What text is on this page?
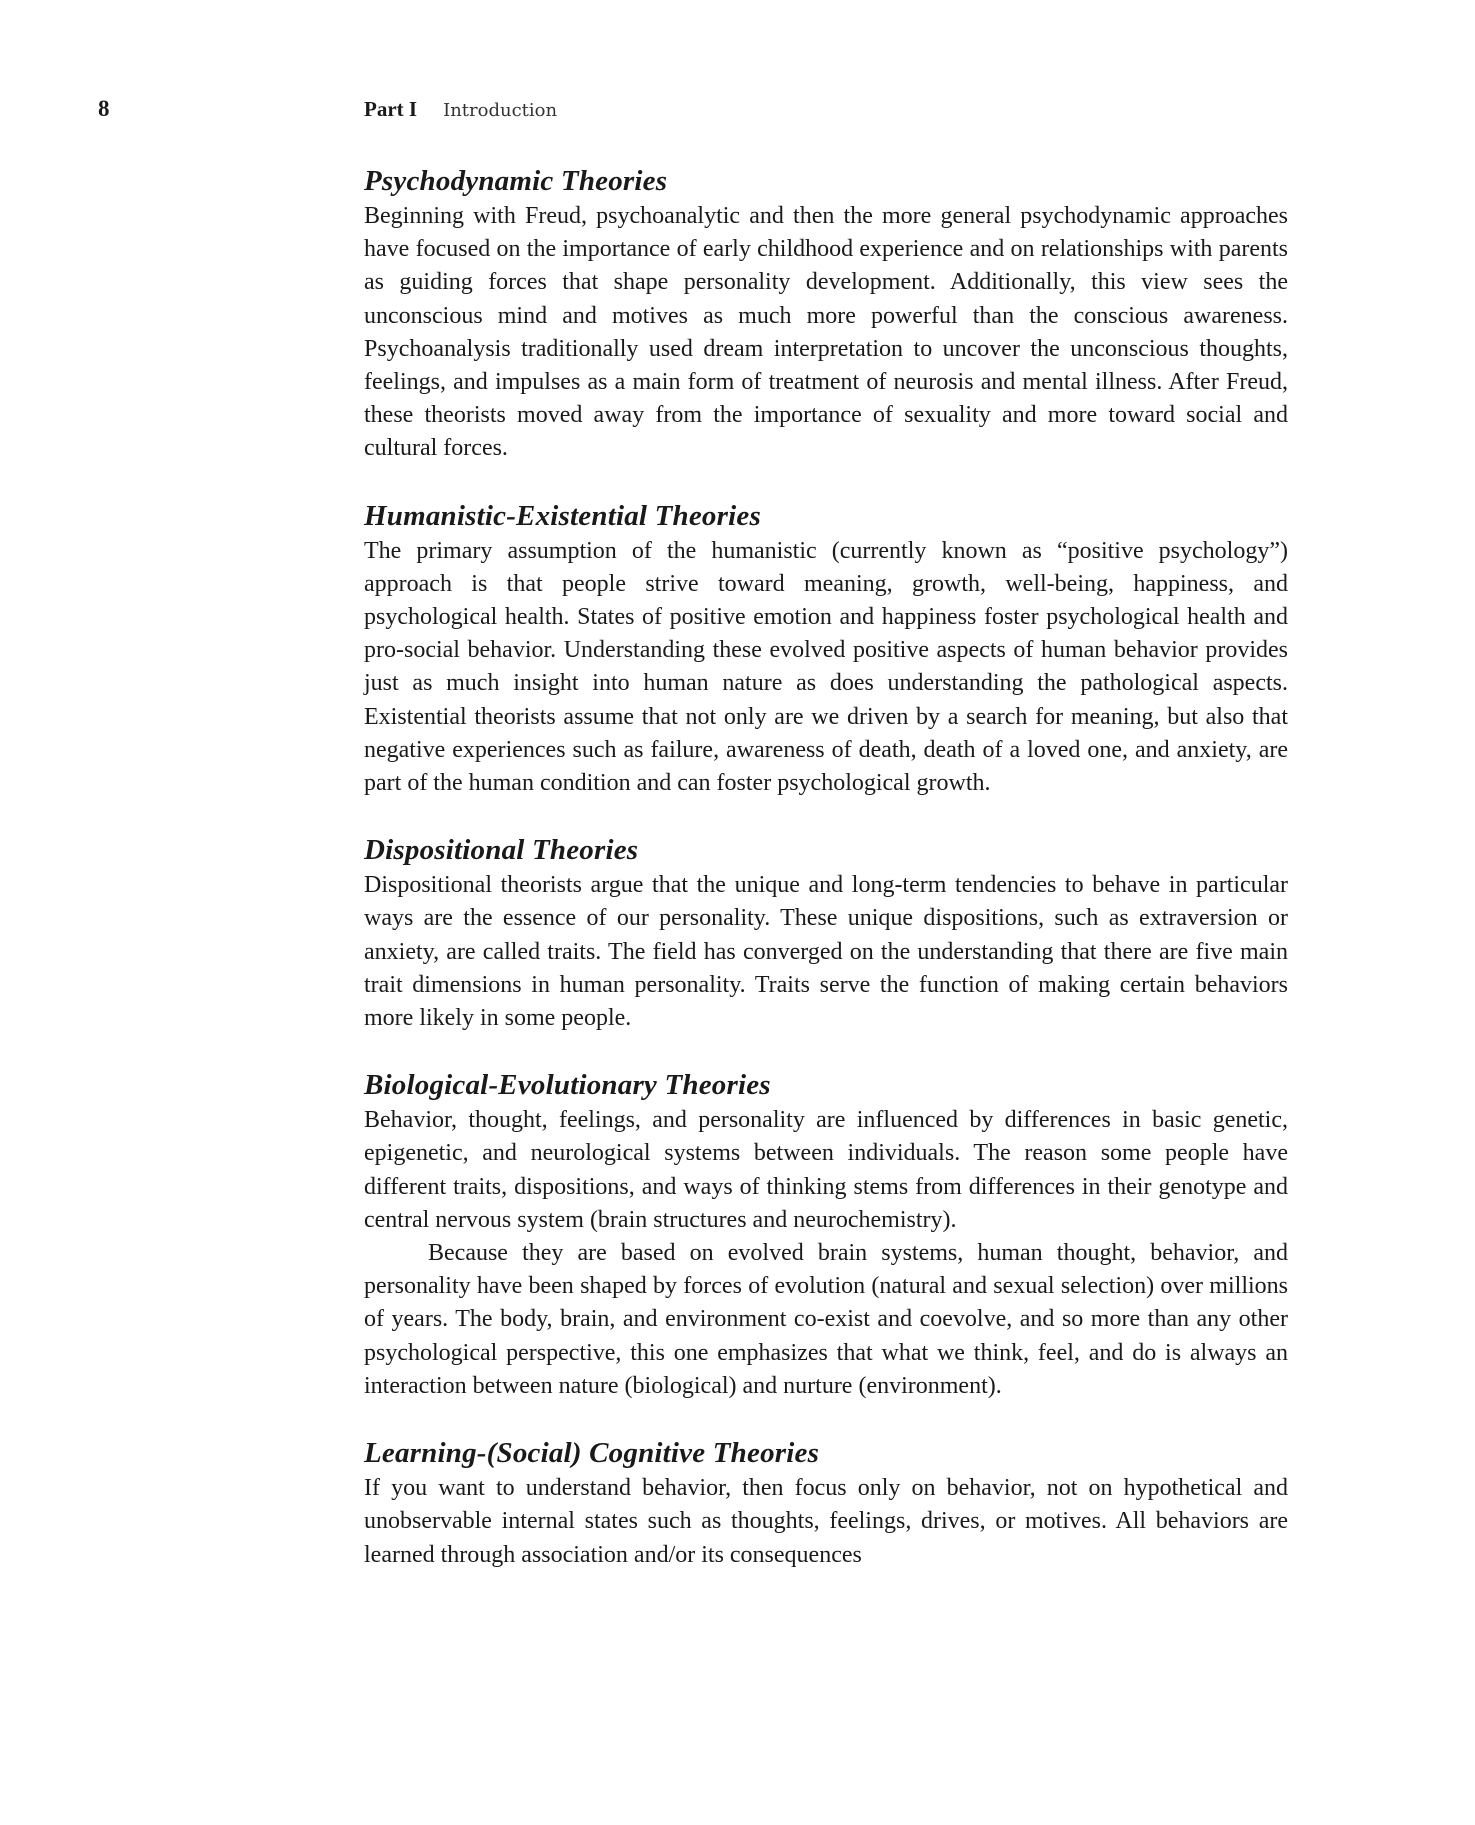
8	Part I Introduction
Psychodynamic Theories

Beginning with Freud, psychoanalytic and then the more general psychodynamic approaches have focused on the importance of early childhood experience and on relationships with parents as guiding forces that shape personality development. Additionally, this view sees the unconscious mind and motives as much more powerful than the conscious awareness. Psychoanalysis traditionally used dream interpretation to uncover the unconscious thoughts, feelings, and impulses as a main form of treatment of neurosis and mental illness. After Freud, these theorists moved away from the importance of sexuality and more toward social and cultural forces.

Humanistic-Existential Theories

The primary assumption of the humanistic (currently known as “positive psychology”) approach is that people strive toward meaning, growth, well-being, happiness, and psychological health. States of positive emotion and happiness foster psychological health and pro-social behavior. Understanding these evolved positive aspects of human behavior provides just as much insight into human nature as does understanding the pathological aspects. Existential theorists assume that not only are we driven by a search for meaning, but also that negative experiences such as failure, awareness of death, death of a loved one, and anxiety, are part of the human condition and can foster psychological growth.

Dispositional Theories

Dispositional theorists argue that the unique and long-term tendencies to behave in particular ways are the essence of our personality. These unique dispositions, such as extraversion or anxiety, are called traits. The field has converged on the understanding that there are five main trait dimensions in human personality. Traits serve the function of making certain behaviors more likely in some people.

Biological-Evolutionary Theories

Behavior, thought, feelings, and personality are influenced by differences in basic genetic, epigenetic, and neurological systems between individuals. The reason some people have different traits, dispositions, and ways of thinking stems from differences in their genotype and central nervous system (brain structures and neurochemistry).

Because they are based on evolved brain systems, human thought, behavior, and personality have been shaped by forces of evolution (natural and sexual selection) over millions of years. The body, brain, and environment co-exist and coevolve, and so more than any other psychological perspective, this one emphasizes that what we think, feel, and do is always an interaction between nature (biological) and nurture (environment).

Learning-(Social) Cognitive Theories

If you want to understand behavior, then focus only on behavior, not on hypothetical and unobservable internal states such as thoughts, feelings, drives, or motives. All behaviors are learned through association and/or its consequences
